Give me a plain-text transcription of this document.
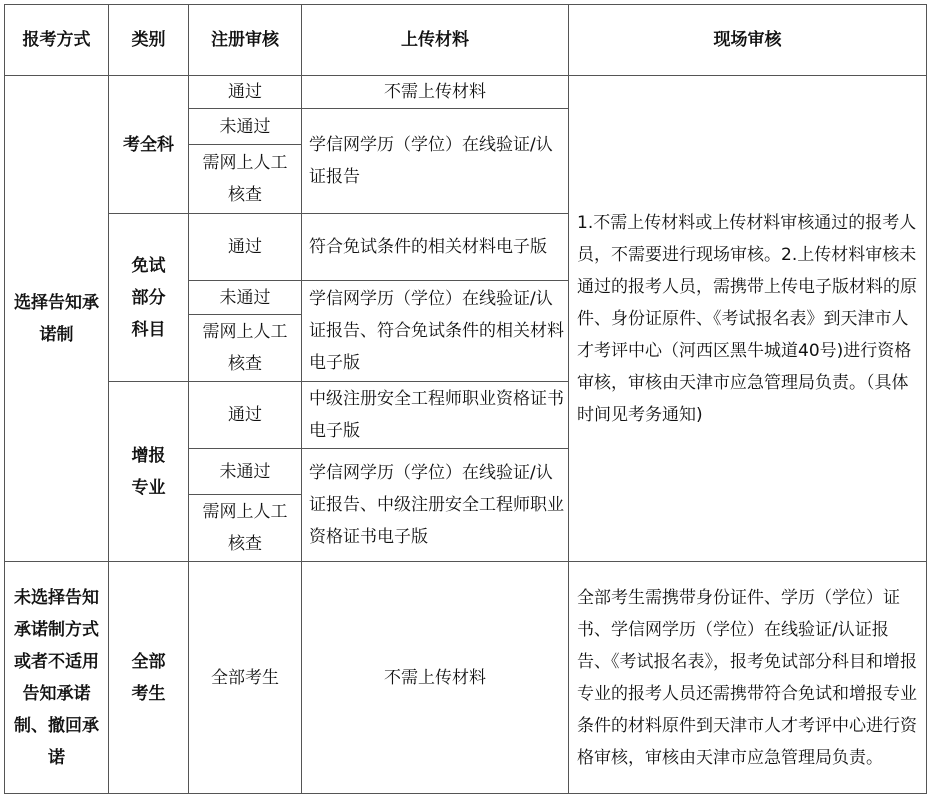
报考方式	类别	注册审核	上传材料	现场审核
选择告知承诺制	考全科	通过	不需上传材料	1.不需上传材料或上传材料审核通过的报考人员，不需要进行现场审核。2.上传材料审核未通过的报考人员，需携带上传电子版材料的原件、身份证原件、《考试报名表》到天津市人才考评中心（河西区黑牛城道40号)进行资格审核，审核由天津市应急管理局负责。（具体时间见考务通知)
		未通过	学信网学历（学位）在线验证/认证报告	
		需网上人工核查		
	免试部分科目	通过	符合免试条件的相关材料电子版	
		未通过	学信网学历（学位）在线验证/认证报告、符合免试条件的相关材料电子版	
		需网上人工核查		
	增报专业	通过	中级注册安全工程师职业资格证书电子版	
		未通过	学信网学历（学位）在线验证/认证报告、中级注册安全工程师职业资格证书电子版	
		需网上人工核查		
未选择告知承诺制方式或者不适用告知承诺制、撤回承诺	全部考生	全部考生	不需上传材料	全部考生需携带身份证件、学历（学位）证书、学信网学历（学位）在线验证/认证报告、《考试报名表》，报考免试部分科目和增报专业的报考人员还需携带符合免试和增报专业条件的材料原件到天津市人才考评中心进行资格审核，审核由天津市应急管理局负责。
